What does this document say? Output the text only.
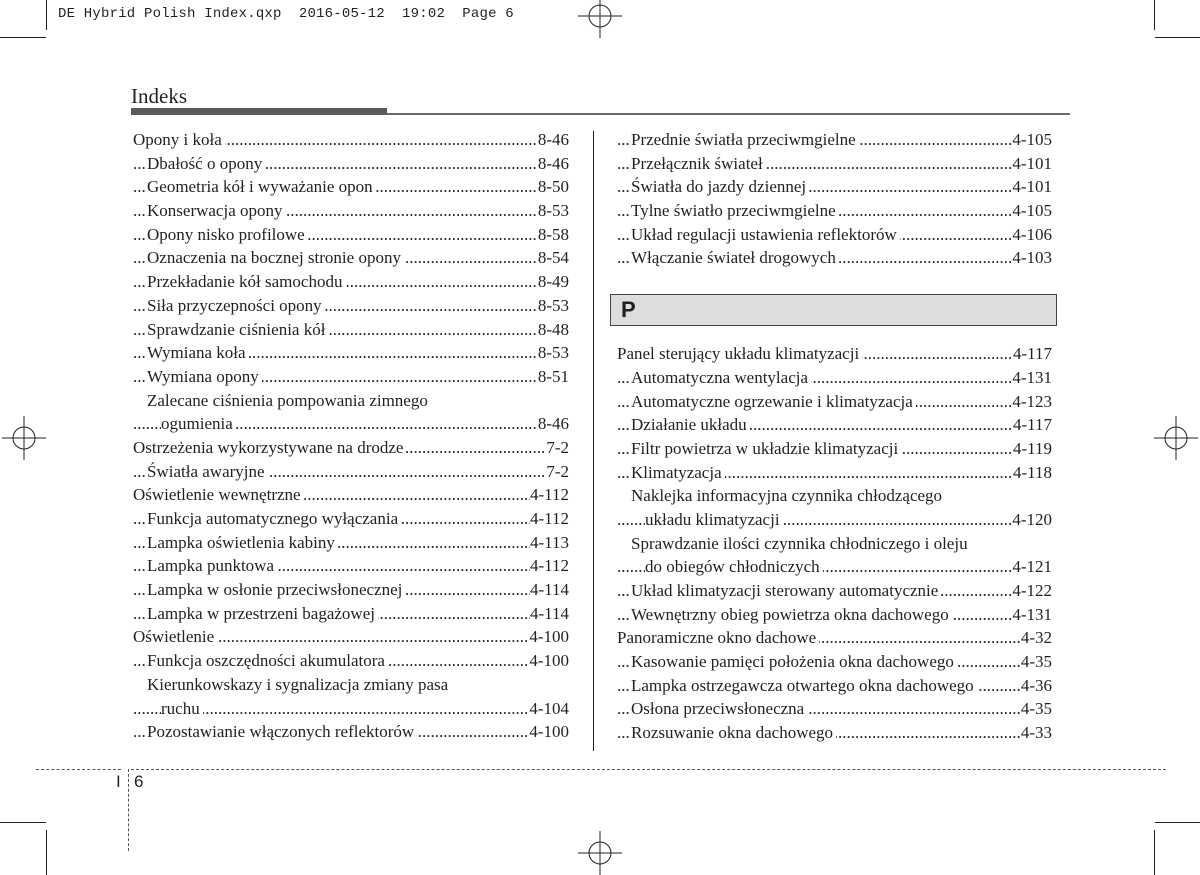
DE Hybrid Polish Index.qxp  2016-05-12  19:02  Page 6
Indeks
.....
Opony i koła	8-46
.....
Dbałość o opony	8-46
.....
Geometria kół i wyważanie opon	8-50
.....
Konserwacja opony	8-53
.....
Opony nisko profilowe	8-58
.....
Oznaczenia na bocznej stronie opony	8-54
.....
Przekładanie kół samochodu	8-49
.....
Siła przyczepności opony	8-53
.....
Sprawdzanie ciśnienia kół	8-48
.....
Wymiana koła	8-53
.....
Wymiana opony	8-51
Zalecane ciśnienia pompowania zimnego
.....
ogumienia	8-46
.....
Ostrzeżenia wykorzystywane na drodze	7-2
.....
Światła awaryjne	7-2
.....
Oświetlenie wewnętrzne	4-112
.....
Funkcja automatycznego wyłączania	4-112
.....
Lampka oświetlenia kabiny	4-113
.....
Lampka punktowa	4-112
.....
Lampka w osłonie przeciwsłonecznej	4-114
.....
Lampka w przestrzeni bagażowej	4-114
.....
Oświetlenie	4-100
.....
Funkcja oszczędności akumulatora	4-100
Kierunkowskazy i sygnalizacja zmiany pasa
.....
ruchu	4-104
.....
Pozostawianie włączonych reflektorów	4-100
.....
Przednie światła przeciwmgielne	4-105
.....
Przełącznik świateł	4-101
.....
Światła do jazdy dziennej	4-101
.....
Tylne światło przeciwmgielne	4-105
.....
Układ regulacji ustawienia reflektorów	4-106
.....
Włączanie świateł drogowych	4-103
P
.....
Panel sterujący układu klimatyzacji	4-117
.....
Automatyczna wentylacja	4-131
.....
Automatyczne ogrzewanie i klimatyzacja	4-123
.....
Działanie układu	4-117
.....
Filtr powietrza w układzie klimatyzacji	4-119
.....
Klimatyzacja	4-118
Naklejka informacyjna czynnika chłodzącego
.....
układu klimatyzacji	4-120
Sprawdzanie ilości czynnika chłodniczego i oleju
.....
do obiegów chłodniczych	4-121
.....
Układ klimatyzacji sterowany automatycznie	4-122
.....
Wewnętrzny obieg powietrza okna dachowego	4-131
.....
Panoramiczne okno dachowe	4-32
.....
Kasowanie pamięci położenia okna dachowego	4-35
.....
Lampka ostrzegawcza otwartego okna dachowego	4-36
.....
Osłona przeciwsłoneczna	4-35
.....
Rozsuwanie okna dachowego	4-33
I 6
